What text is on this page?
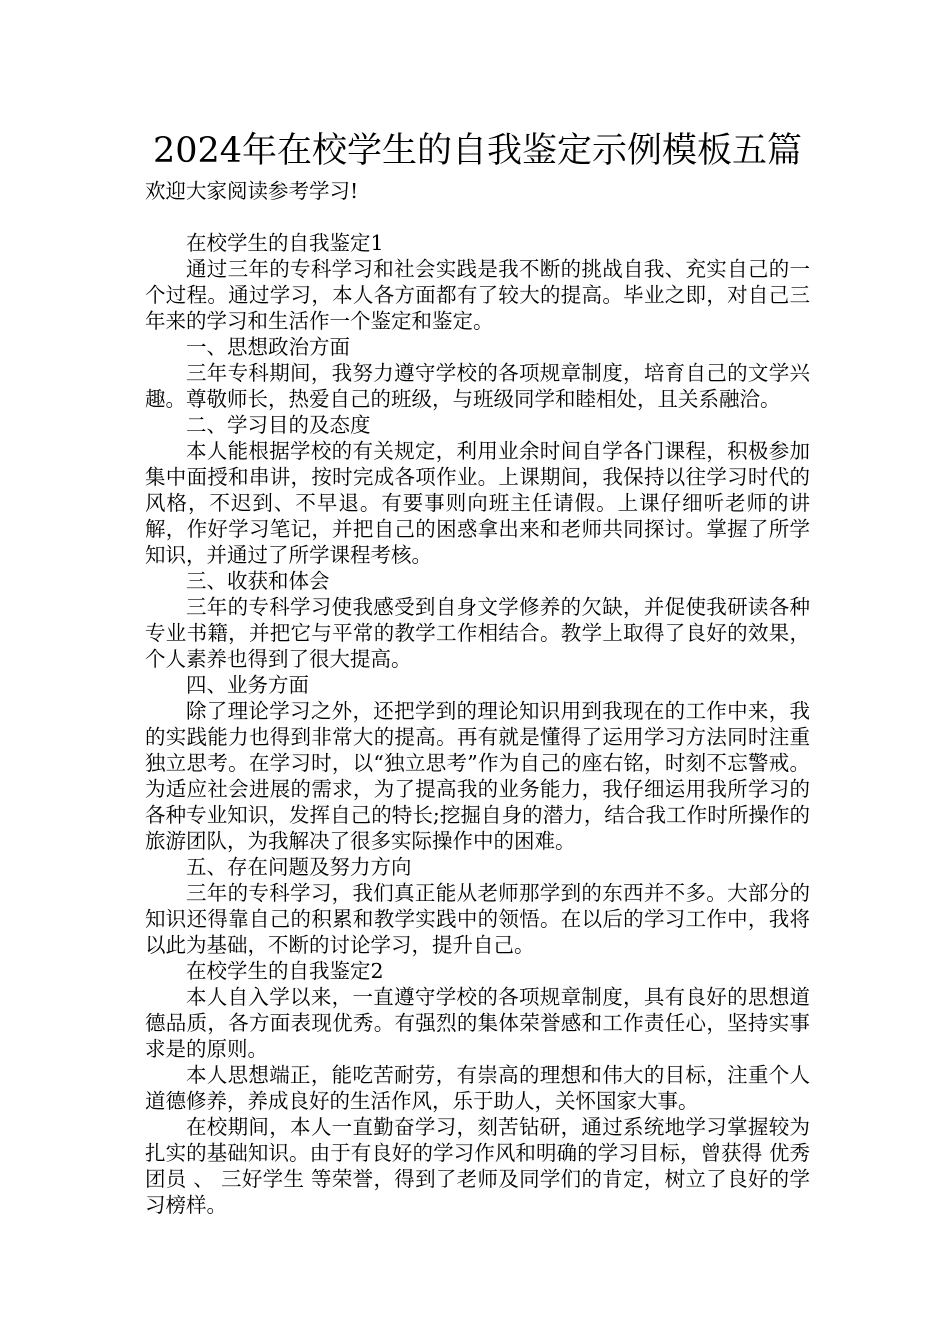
2024年在校学生的自我鉴定示例模板五篇

欢迎大家阅读参考学习!

在校学生的自我鉴定1

通过三年的专科学习和社会实践是我不断的挑战自我、充实自己的一个过程。通过学习，本人各方面都有了较大的提高。毕业之即，对自己三年来的学习和生活作一个鉴定和鉴定。

一、思想政治方面

三年专科期间，我努力遵守学校的各项规章制度，培育自己的文学兴趣。尊敬师长，热爱自己的班级，与班级同学和睦相处，且关系融洽。

二、学习目的及态度

本人能根据学校的有关规定，利用业余时间自学各门课程，积极参加集中面授和串讲，按时完成各项作业。上课期间，我保持以往学习时代的风格，不迟到、不早退。有要事则向班主任请假。上课仔细听老师的讲解，作好学习笔记，并把自己的困惑拿出来和老师共同探讨。掌握了所学知识，并通过了所学课程考核。

三、收获和体会

三年的专科学习使我感受到自身文学修养的欠缺，并促使我研读各种专业书籍，并把它与平常的教学工作相结合。教学上取得了良好的效果，个人素养也得到了很大提高。

四、业务方面

除了理论学习之外，还把学到的理论知识用到我现在的工作中来，我的实践能力也得到非常大的提高。再有就是懂得了运用学习方法同时注重独立思考。在学习时，以“独立思考”作为自己的座右铭，时刻不忘警戒。为适应社会进展的需求，为了提高我的业务能力，我仔细运用我所学习的各种专业知识，发挥自己的特长;挖掘自身的潜力，结合我工作时所操作的旅游团队，为我解决了很多实际操作中的困难。

五、存在问题及努力方向

三年的专科学习，我们真正能从老师那学到的东西并不多。大部分的知识还得靠自己的积累和教学实践中的领悟。在以后的学习工作中，我将以此为基础，不断的讨论学习，提升自己。

在校学生的自我鉴定2

本人自入学以来，一直遵守学校的各项规章制度，具有良好的思想道德品质，各方面表现优秀。有强烈的集体荣誉感和工作责任心，坚持实事求是的原则。

本人思想端正，能吃苦耐劳，有崇高的理想和伟大的目标，注重个人道德修养，养成良好的生活作风，乐于助人，关怀国家大事。

在校期间，本人一直勤奋学习，刻苦钻研，通过系统地学习掌握较为扎实的基础知识。由于有良好的学习作风和明确的学习目标，曾获得 优秀团员 、 三好学生 等荣誉，得到了老师及同学们的肯定，树立了良好的学习榜样。
